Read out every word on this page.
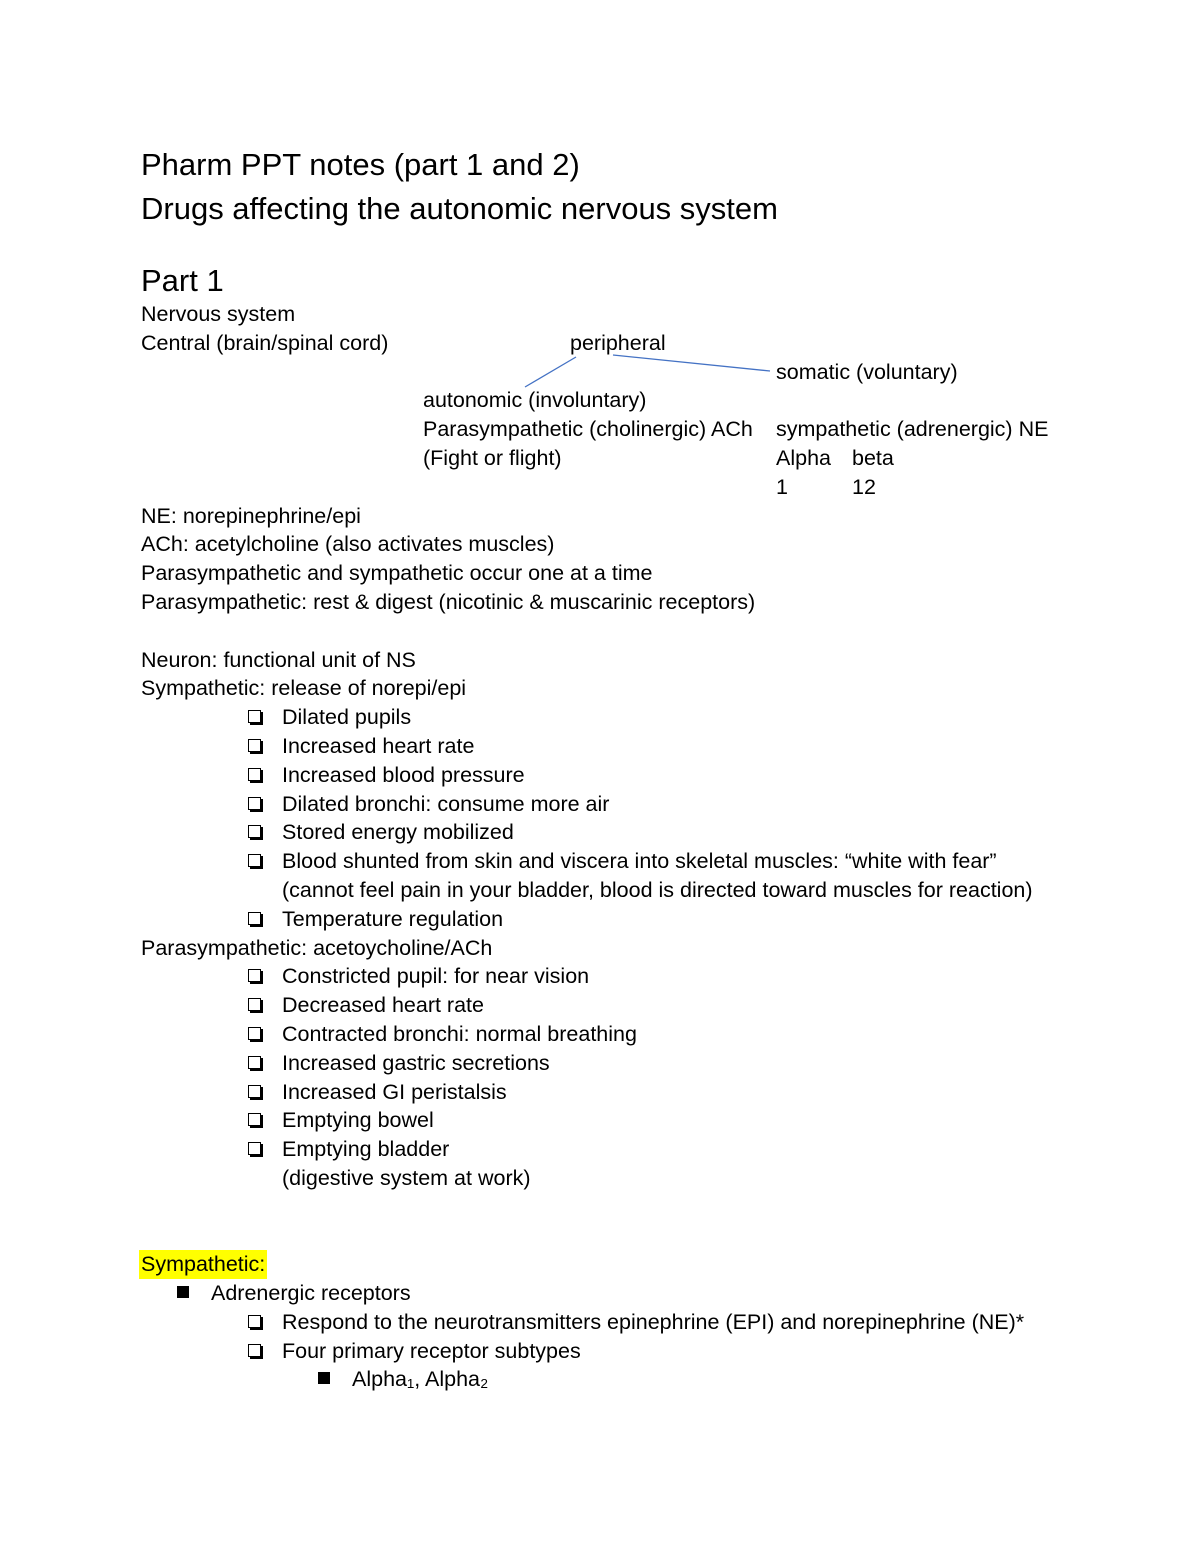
Pharm PPT notes (part 1 and 2)
Drugs affecting the autonomic nervous system
Part 1
Nervous system
Central (brain/spinal cord)	peripheral
somatic (voluntary)
autonomic (involuntary)
Parasympathetic (cholinergic) ACh sympathetic (adrenergic) NE
(Fight or flight)	Alpha beta
1	12
NE: norepinephrine/epi
ACh: acetylcholine (also activates muscles)
Parasympathetic and sympathetic occur one at a time
Parasympathetic: rest & digest (nicotinic & muscarinic receptors)
Neuron: functional unit of NS
Sympathetic: release of norepi/epi
Dilated pupils
Increased heart rate
Increased blood pressure
Dilated bronchi: consume more air
Stored energy mobilized
Blood shunted from skin and viscera into skeletal muscles: “white with fear”
(cannot feel pain in your bladder, blood is directed toward muscles for reaction)
Temperature regulation
Parasympathetic: acetoycholine/ACh
Constricted pupil: for near vision
Decreased heart rate
Contracted bronchi: normal breathing
Increased gastric secretions
Increased GI peristalsis
Emptying bowel
Emptying bladder
(digestive system at work)
Sympathetic:
Adrenergic receptors
Respond to the neurotransmitters epinephrine (EPI) and norepinephrine (NE)*
Four primary receptor subtypes
Alpha₁, Alpha₂
